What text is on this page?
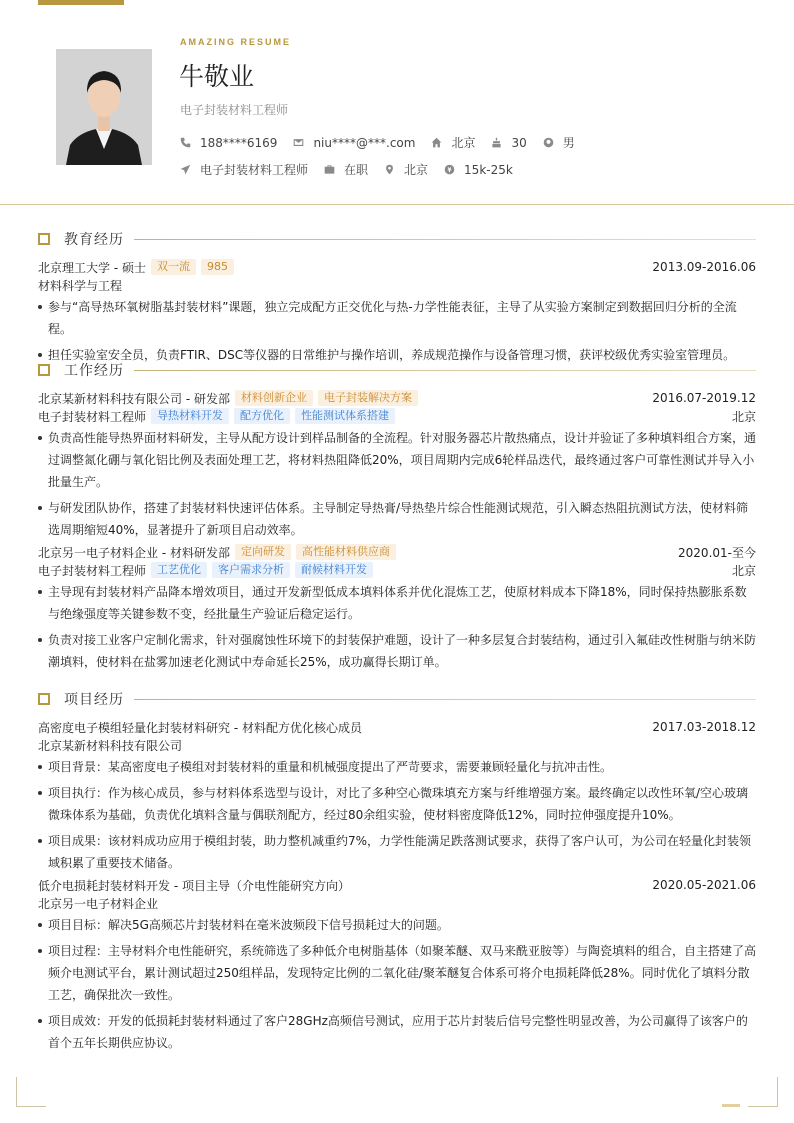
AMAZING RESUME
牛敬业
电子封装材料工程师
188****6169	niu****@***.com	北京	30	男
电子封装材料工程师	在职	北京	15k-25k
教育经历
北京理工大学 - 硕士	双一流	985	2013.09-2016.06
材料科学与工程
参与“高导热环氧树脂基封装材料”课题，独立完成配方正交优化与热-力学性能表征，主导了从实验方案制定到数据回归分析的全流程。
担任实验室安全员，负责FTIR、DSC等仪器的日常维护与操作培训，养成规范操作与设备管理习惯，获评校级优秀实验室管理员。
工作经历
北京某新材料科技有限公司 - 研发部	材料创新企业	电子封装解决方案	2016.07-2019.12
电子封装材料工程师	导热材料开发	配方优化	性能测试体系搭建	北京
负责高性能导热界面材料研发，主导从配方设计到样品制备的全流程。针对服务器芯片散热痛点，设计并验证了多种填料组合方案，通过调整氮化硼与氧化铝比例及表面处理工艺，将材料热阻降低20%，项目周期内完成6轮样品迭代，最终通过客户可靠性测试并导入小批量生产。
与研发团队协作，搭建了封装材料快速评估体系。主导制定导热膏/导热垫片综合性能测试规范，引入瞬态热阻抗测试方法，使材料筛选周期缩短40%，显著提升了新项目启动效率。
北京另一电子材料企业 - 材料研发部	定向研发	高性能材料供应商	2020.01-至今
电子封装材料工程师	工艺优化	客户需求分析	耐候材料开发	北京
主导现有封装材料产品降本增效项目，通过开发新型低成本填料体系并优化混炼工艺，使原材料成本下降18%，同时保持热膨胀系数与绝缘强度等关键参数不变，经批量生产验证后稳定运行。
负责对接工业客户定制化需求，针对强腐蚀性环境下的封装保护难题，设计了一种多层复合封装结构，通过引入氟硅改性树脂与纳米防潮填料，使材料在盐雾加速老化测试中寿命延长25%，成功赢得长期订单。
项目经历
高密度电子模组轻量化封装材料研究 - 材料配方优化核心成员	2017.03-2018.12
北京某新材料科技有限公司
项目背景：某高密度电子模组对封装材料的重量和机械强度提出了严苛要求，需要兼顾轻量化与抗冲击性。
项目执行：作为核心成员，参与材料体系选型与设计，对比了多种空心微珠填充方案与纤维增强方案。最终确定以改性环氧/空心玻璃微珠体系为基础，负责优化填料含量与偶联剂配方，经过80余组实验，使材料密度降低12%，同时拉伸强度提升10%。
项目成果：该材料成功应用于模组封装，助力整机减重约7%，力学性能满足跌落测试要求，获得了客户认可，为公司在轻量化封装领域积累了重要技术储备。
低介电损耗封装材料开发 - 项目主导（介电性能研究方向）	2020.05-2021.06
北京另一电子材料企业
项目目标：解决5G高频芯片封装材料在毫米波频段下信号损耗过大的问题。
项目过程：主导材料介电性能研究，系统筛选了多种低介电树脂基体（如聚苯醚、双马来酰亚胺等）与陶瓷填料的组合，自主搭建了高频介电测试平台，累计测试超过250组样品，发现特定比例的二氧化硅/聚苯醚复合体系可将介电损耗降低28%。同时优化了填料分散工艺，确保批次一致性。
项目成效：开发的低损耗封装材料通过了客户28GHz高频信号测试，应用于芯片封装后信号完整性明显改善，为公司赢得了该客户的首个五年长期供应协议。
